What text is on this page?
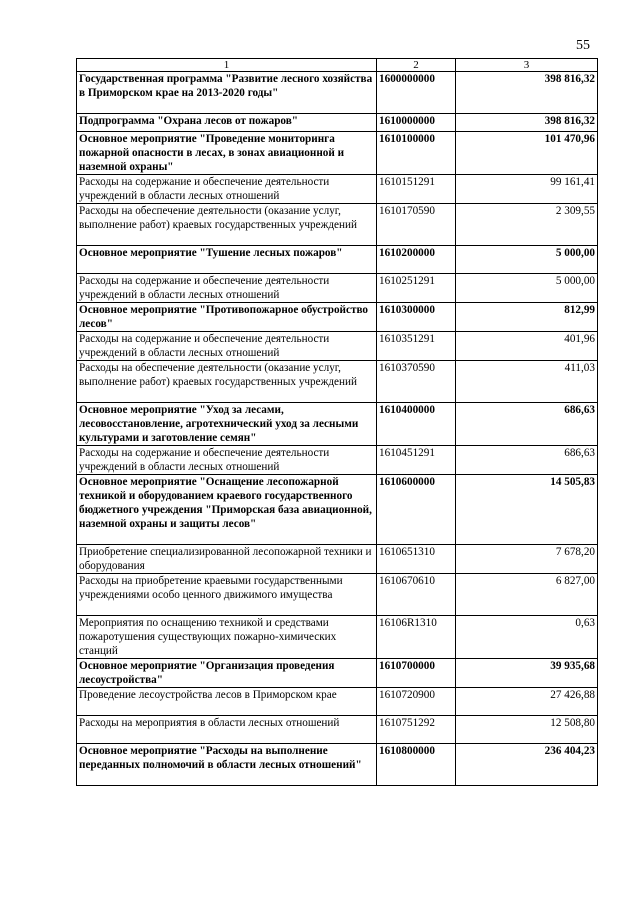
55
1	2	3
Государственная программа "Развитие лесного хозяйства в Приморском крае на 2013-2020 годы"	1600000000	398 816,32
Подпрограмма "Охрана лесов от пожаров"	1610000000	398 816,32
Основное мероприятие "Проведение мониторинга пожарной опасности в лесах, в зонах авиационной и наземной охраны"	1610100000	101 470,96
Расходы на содержание и обеспечение деятельности учреждений в области лесных отношений	1610151291	99 161,41
Расходы на обеспечение деятельности (оказание услуг, выполнение работ) краевых государственных учреждений	1610170590	2 309,55
Основное мероприятие "Тушение лесных пожаров"	1610200000	5 000,00
Расходы на содержание и обеспечение деятельности учреждений в области лесных отношений	1610251291	5 000,00
Основное мероприятие "Противопожарное обустройство лесов"	1610300000	812,99
Расходы на содержание и обеспечение деятельности учреждений в области лесных отношений	1610351291	401,96
Расходы на обеспечение деятельности (оказание услуг, выполнение работ) краевых государственных учреждений	1610370590	411,03
Основное мероприятие "Уход за лесами, лесовосстановление, агротехнический уход за лесными культурами и заготовление семян"	1610400000	686,63
Расходы на содержание и обеспечение деятельности учреждений в области лесных отношений	1610451291	686,63
Основное мероприятие "Оснащение лесопожарной техникой и оборудованием краевого государственного бюджетного учреждения "Приморская база авиационной, наземной охраны и защиты лесов"	1610600000	14 505,83
Приобретение специализированной лесопожарной техники и оборудования	1610651310	7 678,20
Расходы на приобретение краевыми государственными учреждениями особо ценного движимого имущества	1610670610	6 827,00
Мероприятия по оснащению техникой и средствами пожаротушения существующих пожарно-химических станций	16106R1310	0,63
Основное мероприятие "Организация проведения лесоустройства"	1610700000	39 935,68
Проведение лесоустройства лесов в Приморском крае	1610720900	27 426,88
Расходы на мероприятия в области лесных отношений	1610751292	12 508,80
Основное мероприятие "Расходы на выполнение переданных полномочий в области лесных отношений"	1610800000	236 404,23
